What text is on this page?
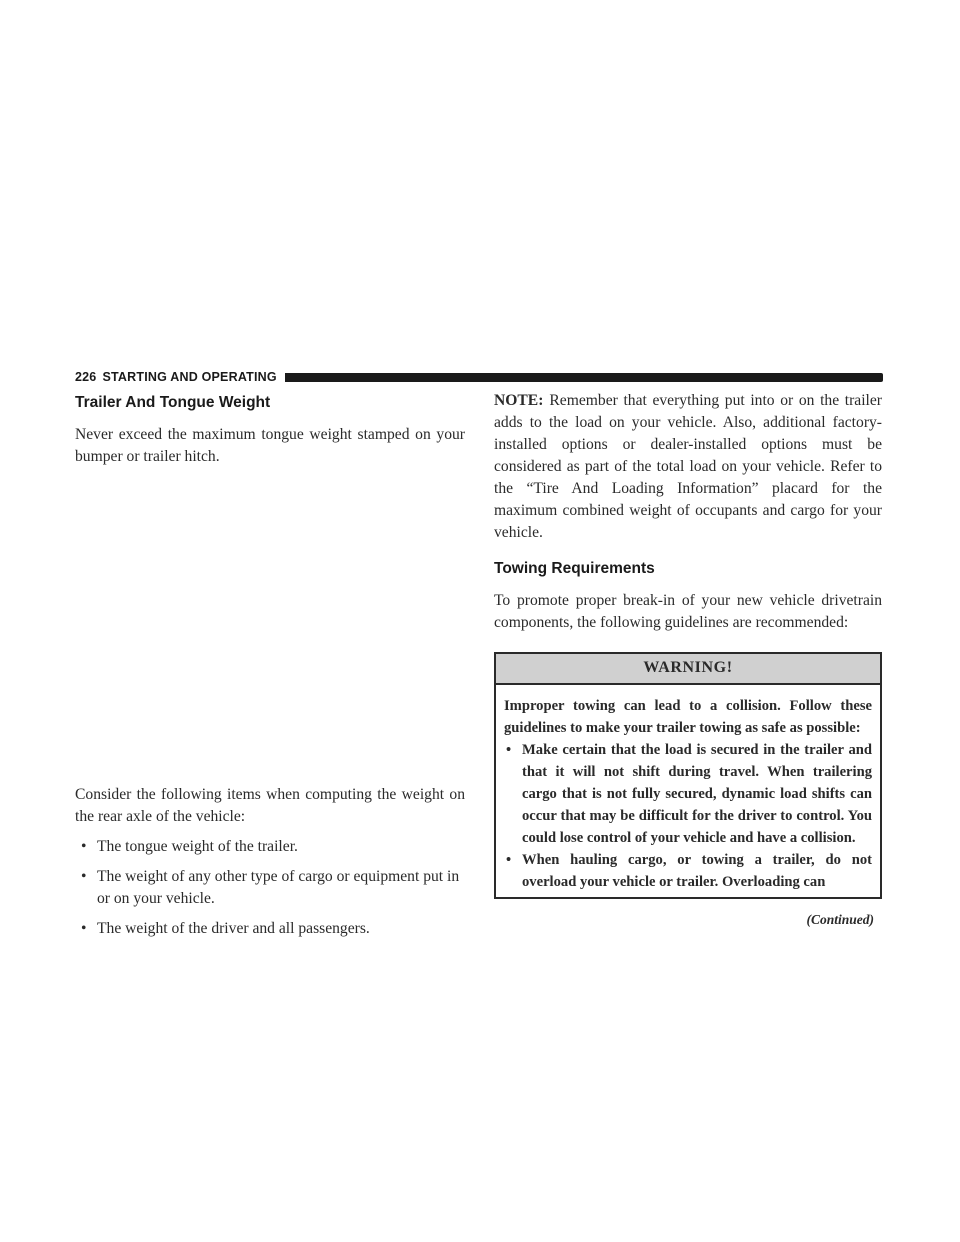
226 STARTING AND OPERATING
Trailer And Tongue Weight

Never exceed the maximum tongue weight stamped on your bumper or trailer hitch.

Consider the following items when computing the weight on the rear axle of the vehicle:

• The tongue weight of the trailer.
• The weight of any other type of cargo or equipment put in or on your vehicle.
• The weight of the driver and all passengers.

NOTE: Remember that everything put into or on the trailer adds to the load on your vehicle. Also, additional factory-installed options or dealer-installed options must be considered as part of the total load on your vehicle. Refer to the “Tire And Loading Information” placard for the maximum combined weight of occupants and cargo for your vehicle.

Towing Requirements

To promote proper break-in of your new vehicle drivetrain components, the following guidelines are recommended:

WARNING!

Improper towing can lead to a collision. Follow these guidelines to make your trailer towing as safe as possible:

• Make certain that the load is secured in the trailer and that it will not shift during travel. When trailering cargo that is not fully secured, dynamic load shifts can occur that may be difficult for the driver to control. You could lose control of your vehicle and have a collision.
• When hauling cargo, or towing a trailer, do not overload your vehicle or trailer. Overloading can
(Continued)
